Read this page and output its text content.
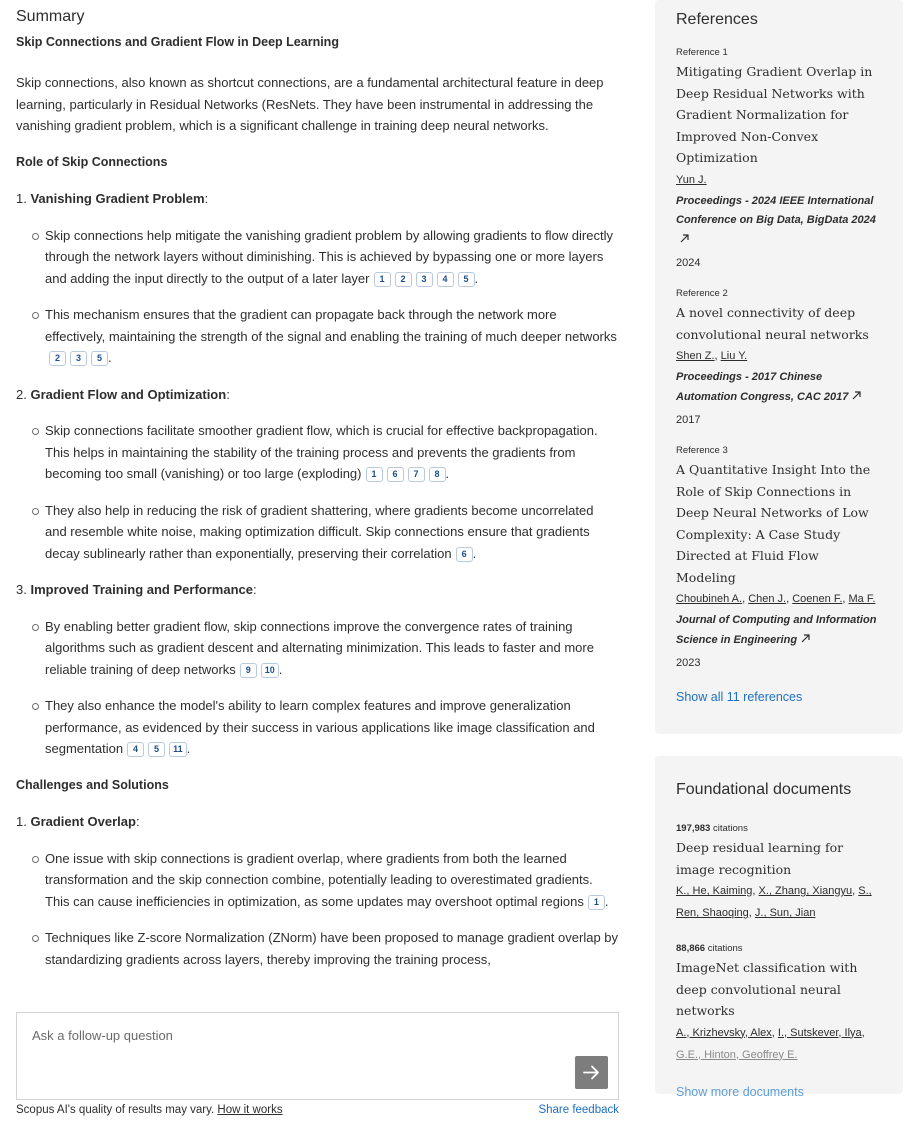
Summary
Skip Connections and Gradient Flow in Deep Learning

Skip connections, also known as shortcut connections, are a fundamental architectural feature in deep learning, particularly in Residual Networks (ResNets. They have been instrumental in addressing the vanishing gradient problem, which is a significant challenge in training deep neural networks.

Role of Skip Connections
1. Vanishing Gradient Problem:
Skip connections help mitigate the vanishing gradient problem by allowing gradients to flow directly through the network layers without diminishing. This is achieved by bypassing one or more layers and adding the input directly to the output of a later layer 1 2 3 4 5 .
This mechanism ensures that the gradient can propagate back through the network more effectively, maintaining the strength of the signal and enabling the training of much deeper networks2 3 5 .
2. Gradient Flow and Optimization:
Skip connections facilitate smoother gradient flow, which is crucial for effective backpropagation. This helps in maintaining the stability of the training process and prevents the gradients from becoming too small (vanishing) or too large (exploding) 1 6 7 8 .
They also help in reducing the risk of gradient shattering, where gradients become uncorrelated and resemble white noise, making optimization difficult. Skip connections ensure that gradients decay sublinearly rather than exponentially, preserving their correlation 6 .
3. Improved Training and Performance:
By enabling better gradient flow, skip connections improve the convergence rates of training algorithms such as gradient descent and alternating minimization. This leads to faster and more reliable training of deep networks 9 10 .
They also enhance the model's ability to learn complex features and improve generalization performance, as evidenced by their success in various applications like image classification and segmentation 4 5 11 .
Challenges and Solutions
1. Gradient Overlap:
One issue with skip connections is gradient overlap, where gradients from both the learned transformation and the skip connection combine, potentially leading to overestimated gradients. This can cause inefficiencies in optimization, as some updates may overshoot optimal regions 1 .
Techniques like Z-score Normalization (ZNorm) have been proposed to manage gradient overlap by standardizing gradients across layers, thereby improving the training process,
Ask a follow-up question
Scopus AI's quality of results may vary. How it works	Share feedback
References
Reference 1
Mitigating Gradient Overlap in Deep Residual Networks with Gradient Normalization for Improved Non-Convex Optimization
Yun J.
Proceedings - 2024 IEEE International Conference on Big Data, BigData 2024
2024
Reference 2
A novel connectivity of deep convolutional neural networks
Shen Z., Liu Y.
Proceedings - 2017 Chinese Automation Congress, CAC 2017
2017
Reference 3
A Quantitative Insight Into the Role of Skip Connections in Deep Neural Networks of Low Complexity: A Case Study Directed at Fluid Flow Modeling
Choubineh A., Chen J., Coenen F., Ma F.
Journal of Computing and Information Science in Engineering
2023
Show all 11 references
Foundational documents
197,983 citations
Deep residual learning for image recognition
K., He, Kaiming, X., Zhang, Xiangyu, S., Ren, Shaoqing, J., Sun, Jian
88,866 citations
ImageNet classification with deep convolutional neural networks
A., Krizhevsky, Alex, I., Sutskever, Ilya, G.E., Hinton, Geoffrey E.
Show more documents
